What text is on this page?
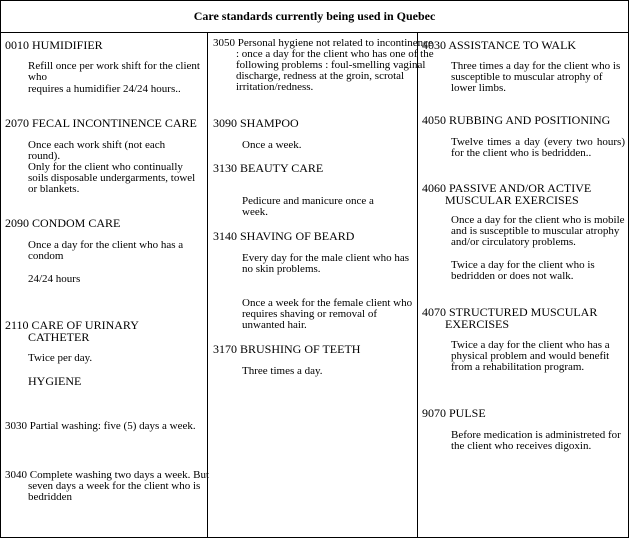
Care standards currently being used in Quebec
0010 HUMIDIFIER
Refill once per work shift for the client who
requires a humidifier 24/24 hours..
2070 FECAL INCONTINENCE CARE
Once each work shift (not each round).
Only for the client who continually soils disposable undergarments, towel or blankets.
2090 CONDOM CARE
Once a day for the client who has a condom
24/24 hours
2110 CARE OF URINARY CATHETER
Twice per day.
HYGIENE
3030 Partial washing: five (5) days a week.
3040 Complete washing two days a week. But seven days a week for the client who is bedridden
3050 Personal hygiene not related to incontinence : once a day for the client who has one of the following problems : foul-smelling vaginal discharge, redness at the groin, scrotal irritation/redness.
3090 SHAMPOO
Once a week.
3130 BEAUTY CARE
Pedicure and manicure once a week.
3140 SHAVING OF BEARD
Every day for the male client who has no skin problems.
Once a week for the female client who requires shaving or removal of unwanted hair.
3170 BRUSHING OF TEETH
Three times a day.
4030 ASSISTANCE TO WALK
Three times a day for the client who is susceptible to muscular atrophy of lower limbs.
4050 RUBBING AND POSITIONING
Twelve times a day (every two hours) for the client who is bedridden..
4060 PASSIVE AND/OR ACTIVE MUSCULAR EXERCISES
Once a day for the client who is mobile and is susceptible to muscular atrophy and/or circulatory problems.
Twice a day for the client who is bedridden or does not walk.
4070 STRUCTURED MUSCULAR EXERCISES
Twice a day for the client who has a physical problem and would benefit from a rehabilitation program.
9070 PULSE
Before medication is administreted for the client who receives digoxin.
